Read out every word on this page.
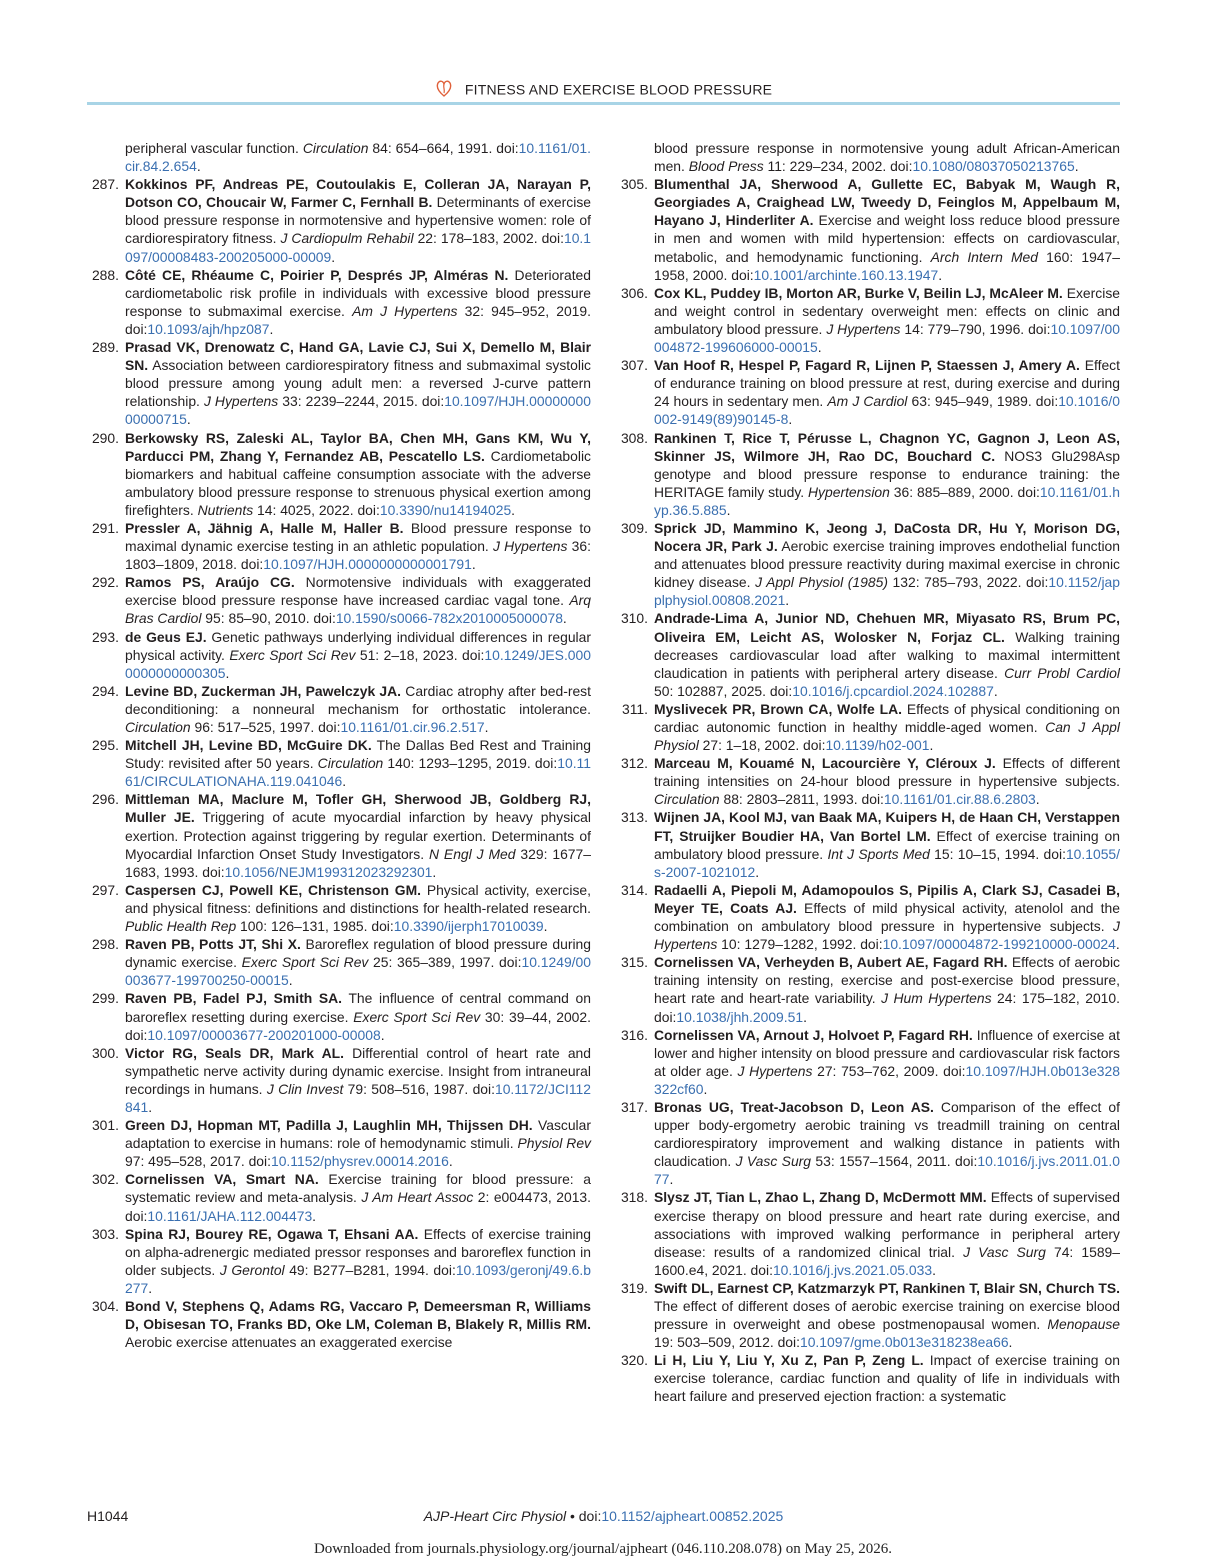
FITNESS AND EXERCISE BLOOD PRESSURE

peripheral vascular function. Circulation 84: 654–664, 1991. doi:10.1161/01.cir.84.2.654.

287. Kokkinos PF, Andreas PE, Coutoulakis E, Colleran JA, Narayan P, Dotson CO, Choucair W, Farmer C, Fernhall B. Determinants of exercise blood pressure response in normotensive and hypertensive women: role of cardiorespiratory fitness. J Cardiopulm Rehabil 22: 178–183, 2002. doi:10.1097/00008483-200205000-00009.

288. Côté CE, Rhéaume C, Poirier P, Després JP, Alméras N. Deteriorated cardiometabolic risk profile in individuals with excessive blood pressure response to submaximal exercise. Am J Hypertens 32: 945–952, 2019. doi:10.1093/ajh/hpz087.

289. Prasad VK, Drenowatz C, Hand GA, Lavie CJ, Sui X, Demello M, Blair SN. Association between cardiorespiratory fitness and submaximal systolic blood pressure among young adult men: a reversed J-curve pattern relationship. J Hypertens 33: 2239–2244, 2015. doi:10.1097/HJH.0000000000000715.

290. Berkowsky RS, Zaleski AL, Taylor BA, Chen MH, Gans KM, Wu Y, Parducci PM, Zhang Y, Fernandez AB, Pescatello LS. Cardiometabolic biomarkers and habitual caffeine consumption associate with the adverse ambulatory blood pressure response to strenuous physical exertion among firefighters. Nutrients 14: 4025, 2022. doi:10.3390/nu14194025.

291. Pressler A, Jähnig A, Halle M, Haller B. Blood pressure response to maximal dynamic exercise testing in an athletic population. J Hypertens 36: 1803–1809, 2018. doi:10.1097/HJH.0000000000001791.

292. Ramos PS, Araújo CG. Normotensive individuals with exaggerated exercise blood pressure response have increased cardiac vagal tone. Arq Bras Cardiol 95: 85–90, 2010. doi:10.1590/s0066-782x2010005000078.

293. de Geus EJ. Genetic pathways underlying individual differences in regular physical activity. Exerc Sport Sci Rev 51: 2–18, 2023. doi:10.1249/JES.0000000000000305.

294. Levine BD, Zuckerman JH, Pawelczyk JA. Cardiac atrophy after bed-rest deconditioning: a nonneural mechanism for orthostatic intolerance. Circulation 96: 517–525, 1997. doi:10.1161/01.cir.96.2.517.

295. Mitchell JH, Levine BD, McGuire DK. The Dallas Bed Rest and Training Study: revisited after 50 years. Circulation 140: 1293–1295, 2019. doi:10.1161/CIRCULATIONAHA.119.041046.

296. Mittleman MA, Maclure M, Tofler GH, Sherwood JB, Goldberg RJ, Muller JE. Triggering of acute myocardial infarction by heavy physical exertion. Protection against triggering by regular exertion. Determinants of Myocardial Infarction Onset Study Investigators. N Engl J Med 329: 1677–1683, 1993. doi:10.1056/NEJM199312023292301.

297. Caspersen CJ, Powell KE, Christenson GM. Physical activity, exercise, and physical fitness: definitions and distinctions for health-related research. Public Health Rep 100: 126–131, 1985. doi:10.3390/ijerph17010039.

298. Raven PB, Potts JT, Shi X. Baroreflex regulation of blood pressure during dynamic exercise. Exerc Sport Sci Rev 25: 365–389, 1997. doi:10.1249/00003677-199700250-00015.

299. Raven PB, Fadel PJ, Smith SA. The influence of central command on baroreflex resetting during exercise. Exerc Sport Sci Rev 30: 39–44, 2002. doi:10.1097/00003677-200201000-00008.

300. Victor RG, Seals DR, Mark AL. Differential control of heart rate and sympathetic nerve activity during dynamic exercise. Insight from intraneural recordings in humans. J Clin Invest 79: 508–516, 1987. doi:10.1172/JCI112841.

301. Green DJ, Hopman MT, Padilla J, Laughlin MH, Thijssen DH. Vascular adaptation to exercise in humans: role of hemodynamic stimuli. Physiol Rev 97: 495–528, 2017. doi:10.1152/physrev.00014.2016.

302. Cornelissen VA, Smart NA. Exercise training for blood pressure: a systematic review and meta-analysis. J Am Heart Assoc 2: e004473, 2013. doi:10.1161/JAHA.112.004473.

303. Spina RJ, Bourey RE, Ogawa T, Ehsani AA. Effects of exercise training on alpha-adrenergic mediated pressor responses and baroreflex function in older subjects. J Gerontol 49: B277–B281, 1994. doi:10.1093/geronj/49.6.b277.

304. Bond V, Stephens Q, Adams RG, Vaccaro P, Demeersman R, Williams D, Obisesan TO, Franks BD, Oke LM, Coleman B, Blakely R, Millis RM. Aerobic exercise attenuates an exaggerated exercise

blood pressure response in normotensive young adult African-American men. Blood Press 11: 229–234, 2002. doi:10.1080/08037050213765.

305. Blumenthal JA, Sherwood A, Gullette EC, Babyak M, Waugh R, Georgiades A, Craighead LW, Tweedy D, Feinglos M, Appelbaum M, Hayano J, Hinderliter A. Exercise and weight loss reduce blood pressure in men and women with mild hypertension: effects on cardiovascular, metabolic, and hemodynamic functioning. Arch Intern Med 160: 1947–1958, 2000. doi:10.1001/archinte.160.13.1947.

306. Cox KL, Puddey IB, Morton AR, Burke V, Beilin LJ, McAleer M. Exercise and weight control in sedentary overweight men: effects on clinic and ambulatory blood pressure. J Hypertens 14: 779–790, 1996. doi:10.1097/00004872-199606000-00015.

307. Van Hoof R, Hespel P, Fagard R, Lijnen P, Staessen J, Amery A. Effect of endurance training on blood pressure at rest, during exercise and during 24 hours in sedentary men. Am J Cardiol 63: 945–949, 1989. doi:10.1016/0002-9149(89)90145-8.

308. Rankinen T, Rice T, Pérusse L, Chagnon YC, Gagnon J, Leon AS, Skinner JS, Wilmore JH, Rao DC, Bouchard C. NOS3 Glu298Asp genotype and blood pressure response to endurance training: the HERITAGE family study. Hypertension 36: 885–889, 2000. doi:10.1161/01.hyp.36.5.885.

309. Sprick JD, Mammino K, Jeong J, DaCosta DR, Hu Y, Morison DG, Nocera JR, Park J. Aerobic exercise training improves endothelial function and attenuates blood pressure reactivity during maximal exercise in chronic kidney disease. J Appl Physiol (1985) 132: 785–793, 2022. doi:10.1152/japplphysiol.00808.2021.

310. Andrade-Lima A, Junior ND, Chehuen MR, Miyasato RS, Brum PC, Oliveira EM, Leicht AS, Wolosker N, Forjaz CL. Walking training decreases cardiovascular load after walking to maximal intermittent claudication in patients with peripheral artery disease. Curr Probl Cardiol 50: 102887, 2025. doi:10.1016/j.cpcardiol.2024.102887.

311. Myslivecek PR, Brown CA, Wolfe LA. Effects of physical conditioning on cardiac autonomic function in healthy middle-aged women. Can J Appl Physiol 27: 1–18, 2002. doi:10.1139/h02-001.

312. Marceau M, Kouamé N, Lacourcière Y, Cléroux J. Effects of different training intensities on 24-hour blood pressure in hypertensive subjects. Circulation 88: 2803–2811, 1993. doi:10.1161/01.cir.88.6.2803.

313. Wijnen JA, Kool MJ, van Baak MA, Kuipers H, de Haan CH, Verstappen FT, Struijker Boudier HA, Van Bortel LM. Effect of exercise training on ambulatory blood pressure. Int J Sports Med 15: 10–15, 1994. doi:10.1055/s-2007-1021012.

314. Radaelli A, Piepoli M, Adamopoulos S, Pipilis A, Clark SJ, Casadei B, Meyer TE, Coats AJ. Effects of mild physical activity, atenolol and the combination on ambulatory blood pressure in hypertensive subjects. J Hypertens 10: 1279–1282, 1992. doi:10.1097/00004872-199210000-00024.

315. Cornelissen VA, Verheyden B, Aubert AE, Fagard RH. Effects of aerobic training intensity on resting, exercise and post-exercise blood pressure, heart rate and heart-rate variability. J Hum Hypertens 24: 175–182, 2010. doi:10.1038/jhh.2009.51.

316. Cornelissen VA, Arnout J, Holvoet P, Fagard RH. Influence of exercise at lower and higher intensity on blood pressure and cardiovascular risk factors at older age. J Hypertens 27: 753–762, 2009. doi:10.1097/HJH.0b013e328322cf60.

317. Bronas UG, Treat-Jacobson D, Leon AS. Comparison of the effect of upper body-ergometry aerobic training vs treadmill training on central cardiorespiratory improvement and walking distance in patients with claudication. J Vasc Surg 53: 1557–1564, 2011. doi:10.1016/j.jvs.2011.01.077.

318. Slysz JT, Tian L, Zhao L, Zhang D, McDermott MM. Effects of supervised exercise therapy on blood pressure and heart rate during exercise, and associations with improved walking performance in peripheral artery disease: results of a randomized clinical trial. J Vasc Surg 74: 1589–1600.e4, 2021. doi:10.1016/j.jvs.2021.05.033.

319. Swift DL, Earnest CP, Katzmarzyk PT, Rankinen T, Blair SN, Church TS. The effect of different doses of aerobic exercise training on exercise blood pressure in overweight and obese postmenopausal women. Menopause 19: 503–509, 2012. doi:10.1097/gme.0b013e318238ea66.

320. Li H, Liu Y, Liu Y, Xu Z, Pan P, Zeng L. Impact of exercise training on exercise tolerance, cardiac function and quality of life in individuals with heart failure and preserved ejection fraction: a systematic

H1044	AJP-Heart Circ Physiol • doi:10.1152/ajpheart.00852.2025
Downloaded from journals.physiology.org/journal/ajpheart (046.110.208.078) on May 25, 2026.
